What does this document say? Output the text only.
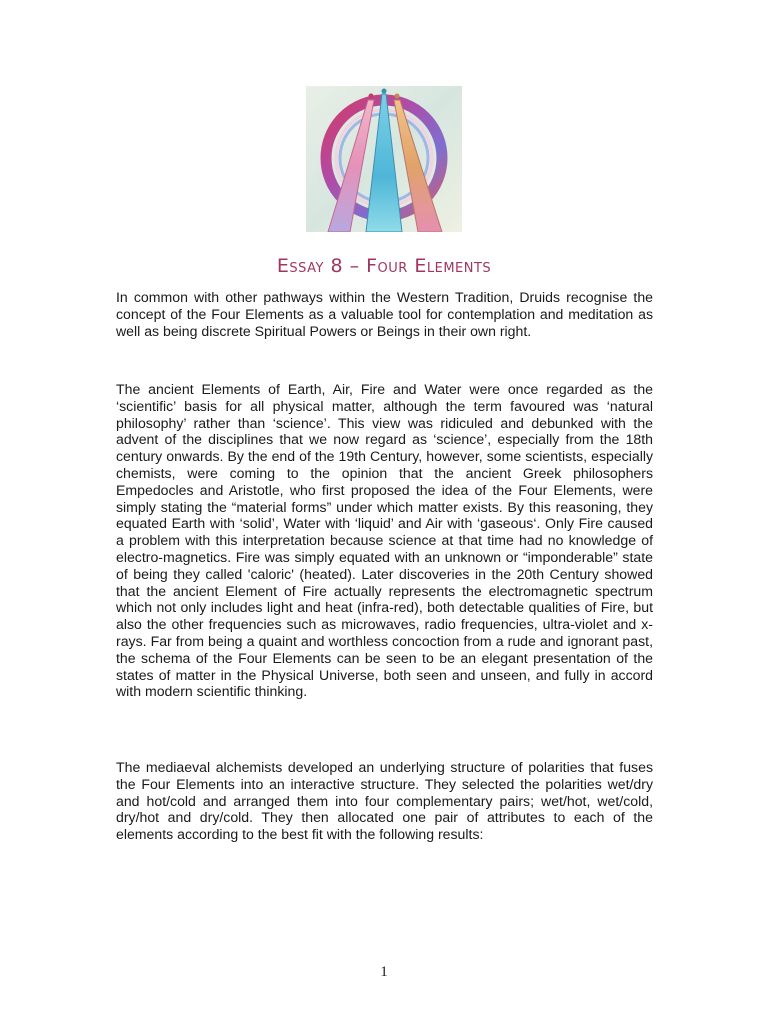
Essay 8 – Four Elements

In common with other pathways within the Western Tradition, Druids recognise the concept of the Four Elements as a valuable tool for contemplation and meditation as well as being discrete Spiritual Powers or Beings in their own right.

The ancient Elements of Earth, Air, Fire and Water were once regarded as the ‘scientific’ basis for all physical matter, although the term favoured was ‘natural philosophy’ rather than ‘science’. This view was ridiculed and debunked with the advent of the disciplines that we now regard as ‘science’, especially from the 18th century onwards. By the end of the 19th Century, however, some scientists, especially chemists, were coming to the opinion that the ancient Greek philosophers Empedocles and Aristotle, who first proposed the idea of the Four Elements, were simply stating the “material forms” under which matter exists. By this reasoning, they equated Earth with ‘solid’, Water with ‘liquid’ and Air with ‘gaseous‘. Only Fire caused a problem with this interpretation because science at that time had no knowledge of electro-magnetics. Fire was simply equated with an unknown or “imponderable” state of being they called 'caloric' (heated). Later discoveries in the 20th Century showed that the ancient Element of Fire actually represents the electromagnetic spectrum which not only includes light and heat (infra-red), both detectable qualities of Fire, but also the other frequencies such as microwaves, radio frequencies, ultra-violet and x-rays. Far from being a quaint and worthless concoction from a rude and ignorant past, the schema of the Four Elements can be seen to be an elegant presentation of the states of matter in the Physical Universe, both seen and unseen, and fully in accord with modern scientific thinking.

The mediaeval alchemists developed an underlying structure of polarities that fuses the Four Elements into an interactive structure. They selected the polarities wet/dry and hot/cold and arranged them into four complementary pairs; wet/hot, wet/cold, dry/hot and dry/cold. They then allocated one pair of attributes to each of the elements according to the best fit with the following results:

1
